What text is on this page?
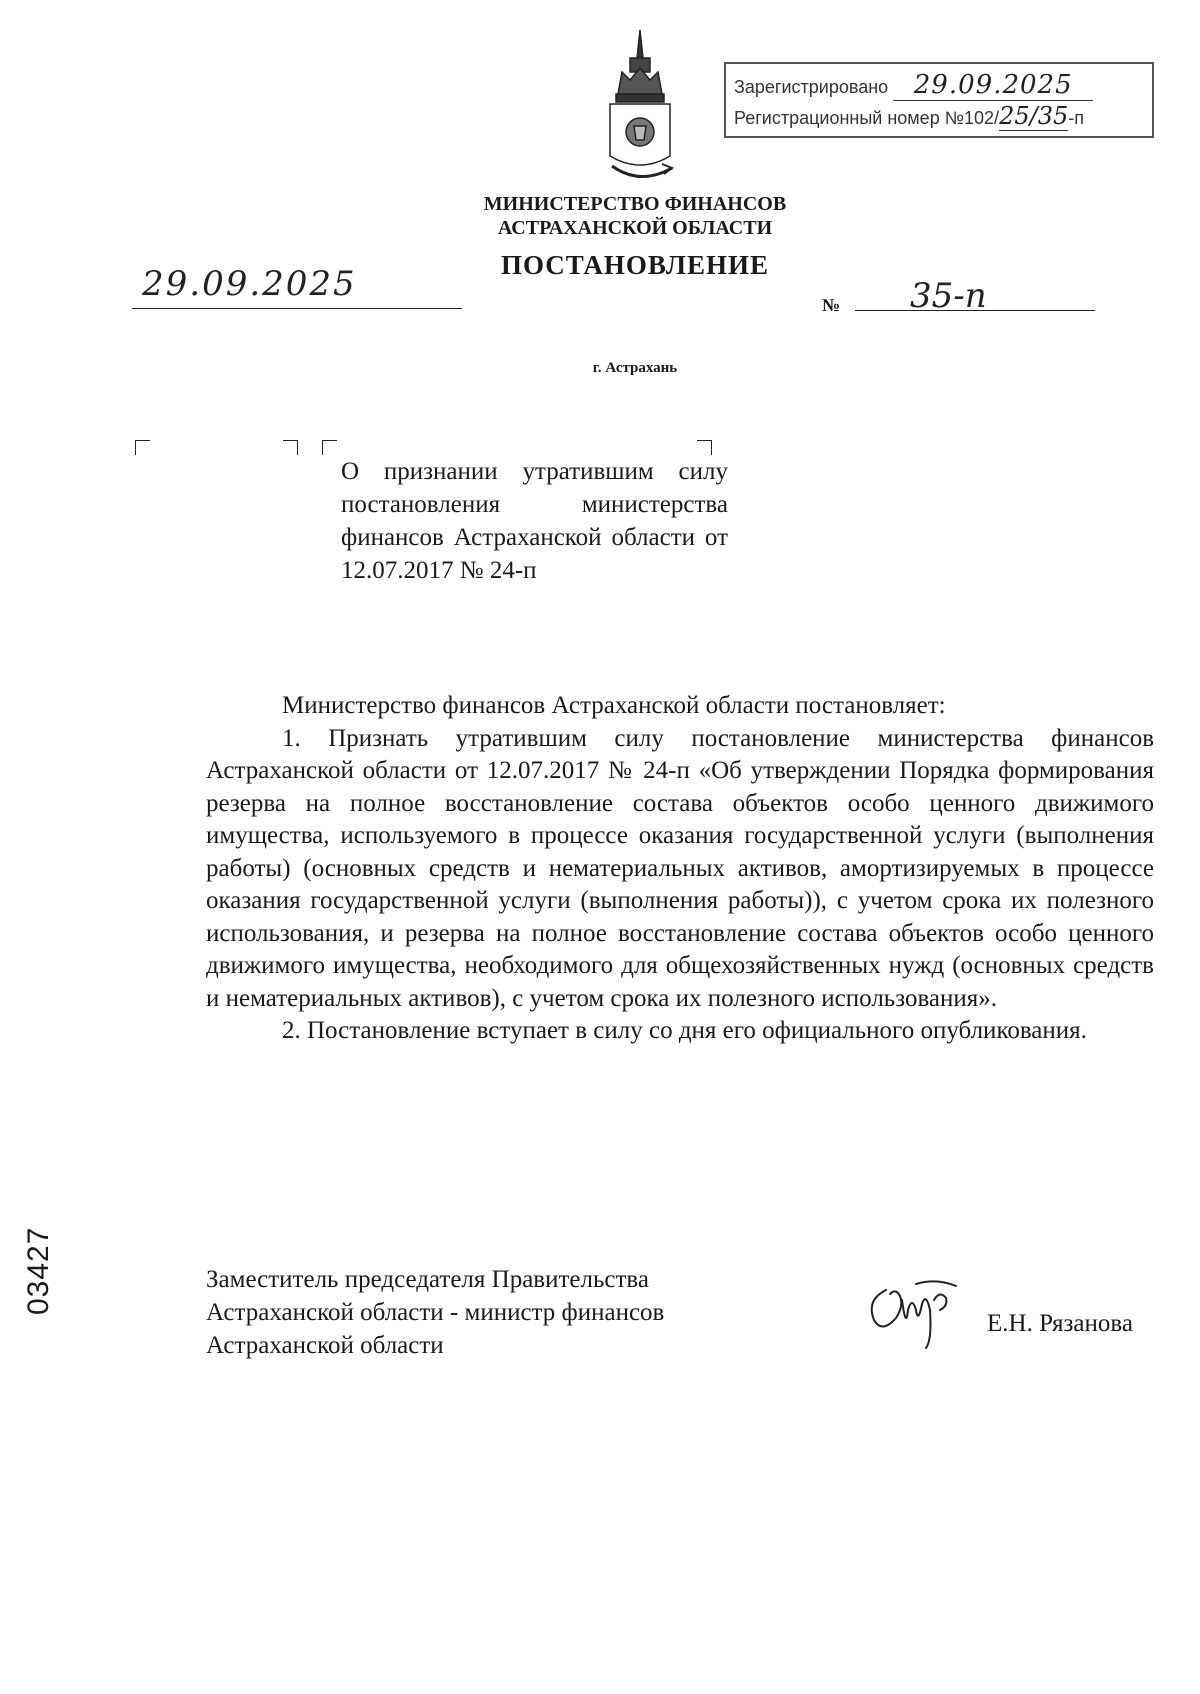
Зарегистрировано 29.09.2025
Регистрационный номер №102/25/35-п
МИНИСТЕРСТВО ФИНАНСОВ
АСТРАХАНСКОЙ ОБЛАСТИ
ПОСТАНОВЛЕНИЕ
29.09.2025
№ 35-п
г. Астрахань
О признании утратившим силу постановления министерства финансов Астраханской области от 12.07.2017 № 24-п

Министерство финансов Астраханской области постановляет:

1. Признать утратившим силу постановление министерства финансов Астраханской области от 12.07.2017 № 24-п «Об утверждении Порядка формирования резерва на полное восстановление состава объектов особо ценного движимого имущества, используемого в процессе оказания государственной услуги (выполнения работы) (основных средств и нематериальных активов, амортизируемых в процессе оказания государственной услуги (выполнения работы)), с учетом срока их полезного использования, и резерва на полное восстановление состава объектов особо ценного движимого имущества, необходимого для общехозяйственных нужд (основных средств и нематериальных активов), с учетом срока их полезного использования».

2. Постановление вступает в силу со дня его официального опубликования.

Заместитель председателя Правительства
Астраханской области - министр финансов
Астраханской области
Е.Н. Рязанова
03427
